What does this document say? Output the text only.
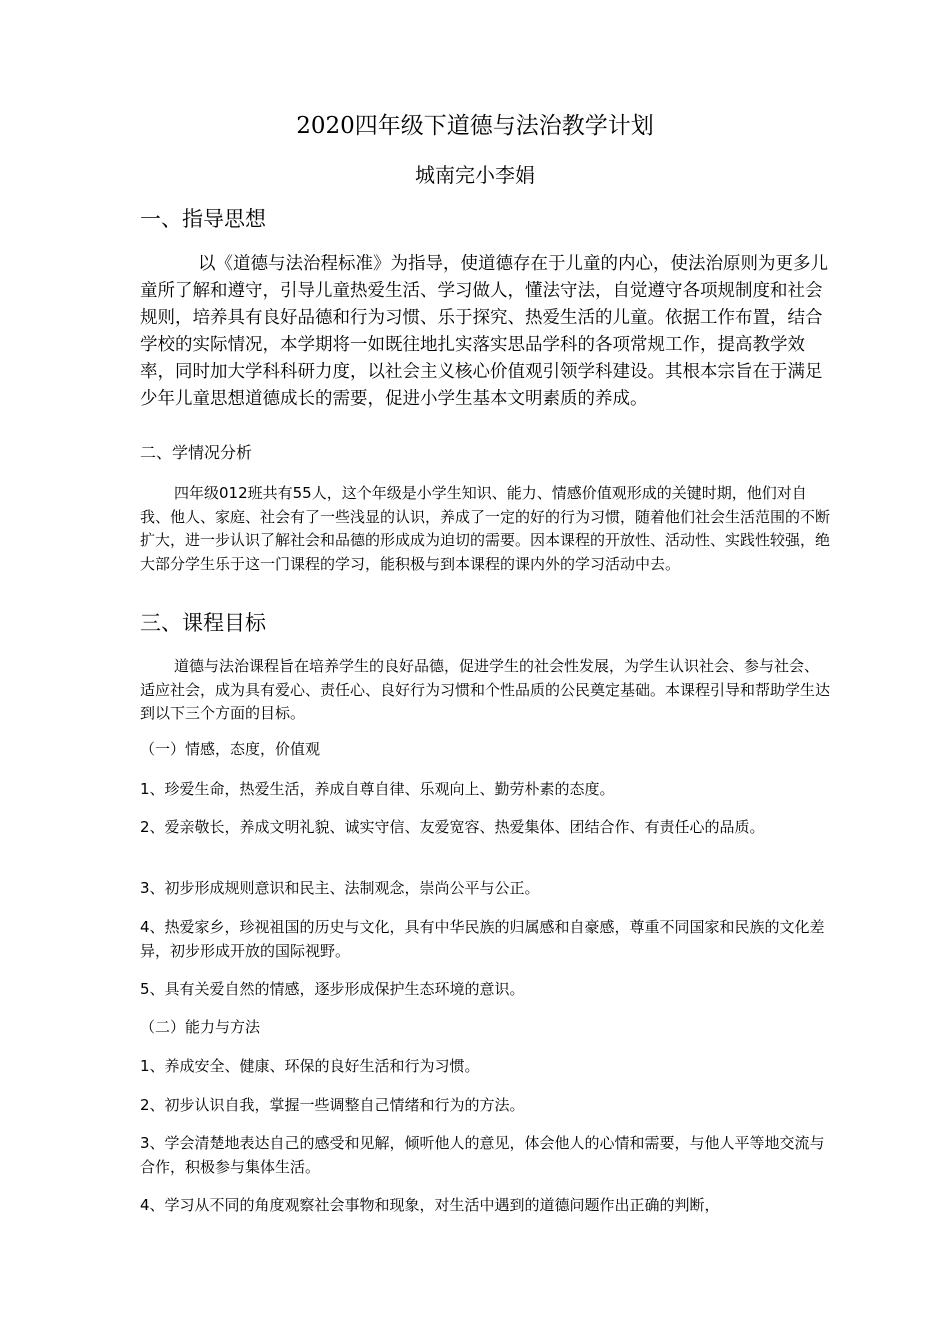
2020四年级下道德与法治教学计划
城南完小李娟
一、指导思想
以《道德与法治程标准》为指导，使道德存在于儿童的内心，使法治原则为更多儿童所了解和遵守，引导儿童热爱生活、学习做人，懂法守法，自觉遵守各项规制度和社会规则，培养具有良好品德和行为习惯、乐于探究、热爱生活的儿童。依据工作布置，结合学校的实际情况，本学期将一如既往地扎实落实思品学科的各项常规工作，提高教学效率，同时加大学科科研力度，以社会主义核心价值观引领学科建设。其根本宗旨在于满足少年儿童思想道德成长的需要，促进小学生基本文明素质的养成。
二、学情况分析
四年级012班共有55人，这个年级是小学生知识、能力、情感价值观形成的关键时期，他们对自我、他人、家庭、社会有了一些浅显的认识，养成了一定的好的行为习惯，随着他们社会生活范围的不断扩大，进一步认识了解社会和品德的形成成为迫切的需要。因本课程的开放性、活动性、实践性较强，绝大部分学生乐于这一门课程的学习，能积极与到本课程的课内外的学习活动中去。
三、课程目标
道德与法治课程旨在培养学生的良好品德，促进学生的社会性发展，为学生认识社会、参与社会、适应社会，成为具有爱心、责任心、良好行为习惯和个性品质的公民奠定基础。本课程引导和帮助学生达到以下三个方面的目标。
（一）情感，态度，价值观
1、珍爱生命，热爱生活，养成自尊自律、乐观向上、勤劳朴素的态度。
2、爱亲敬长，养成文明礼貌、诚实守信、友爱宽容、热爱集体、团结合作、有责任心的品质。
3、初步形成规则意识和民主、法制观念，崇尚公平与公正。
4、热爱家乡，珍视祖国的历史与文化，具有中华民族的归属感和自豪感，尊重不同国家和民族的文化差异，初步形成开放的国际视野。
5、具有关爱自然的情感，逐步形成保护生态环境的意识。
（二）能力与方法
1、养成安全、健康、环保的良好生活和行为习惯。
2、初步认识自我，掌握一些调整自己情绪和行为的方法。
3、学会清楚地表达自己的感受和见解，倾听他人的意见，体会他人的心情和需要，与他人平等地交流与合作，积极参与集体生活。
4、学习从不同的角度观察社会事物和现象，对生活中遇到的道德问题作出正确的判断，
